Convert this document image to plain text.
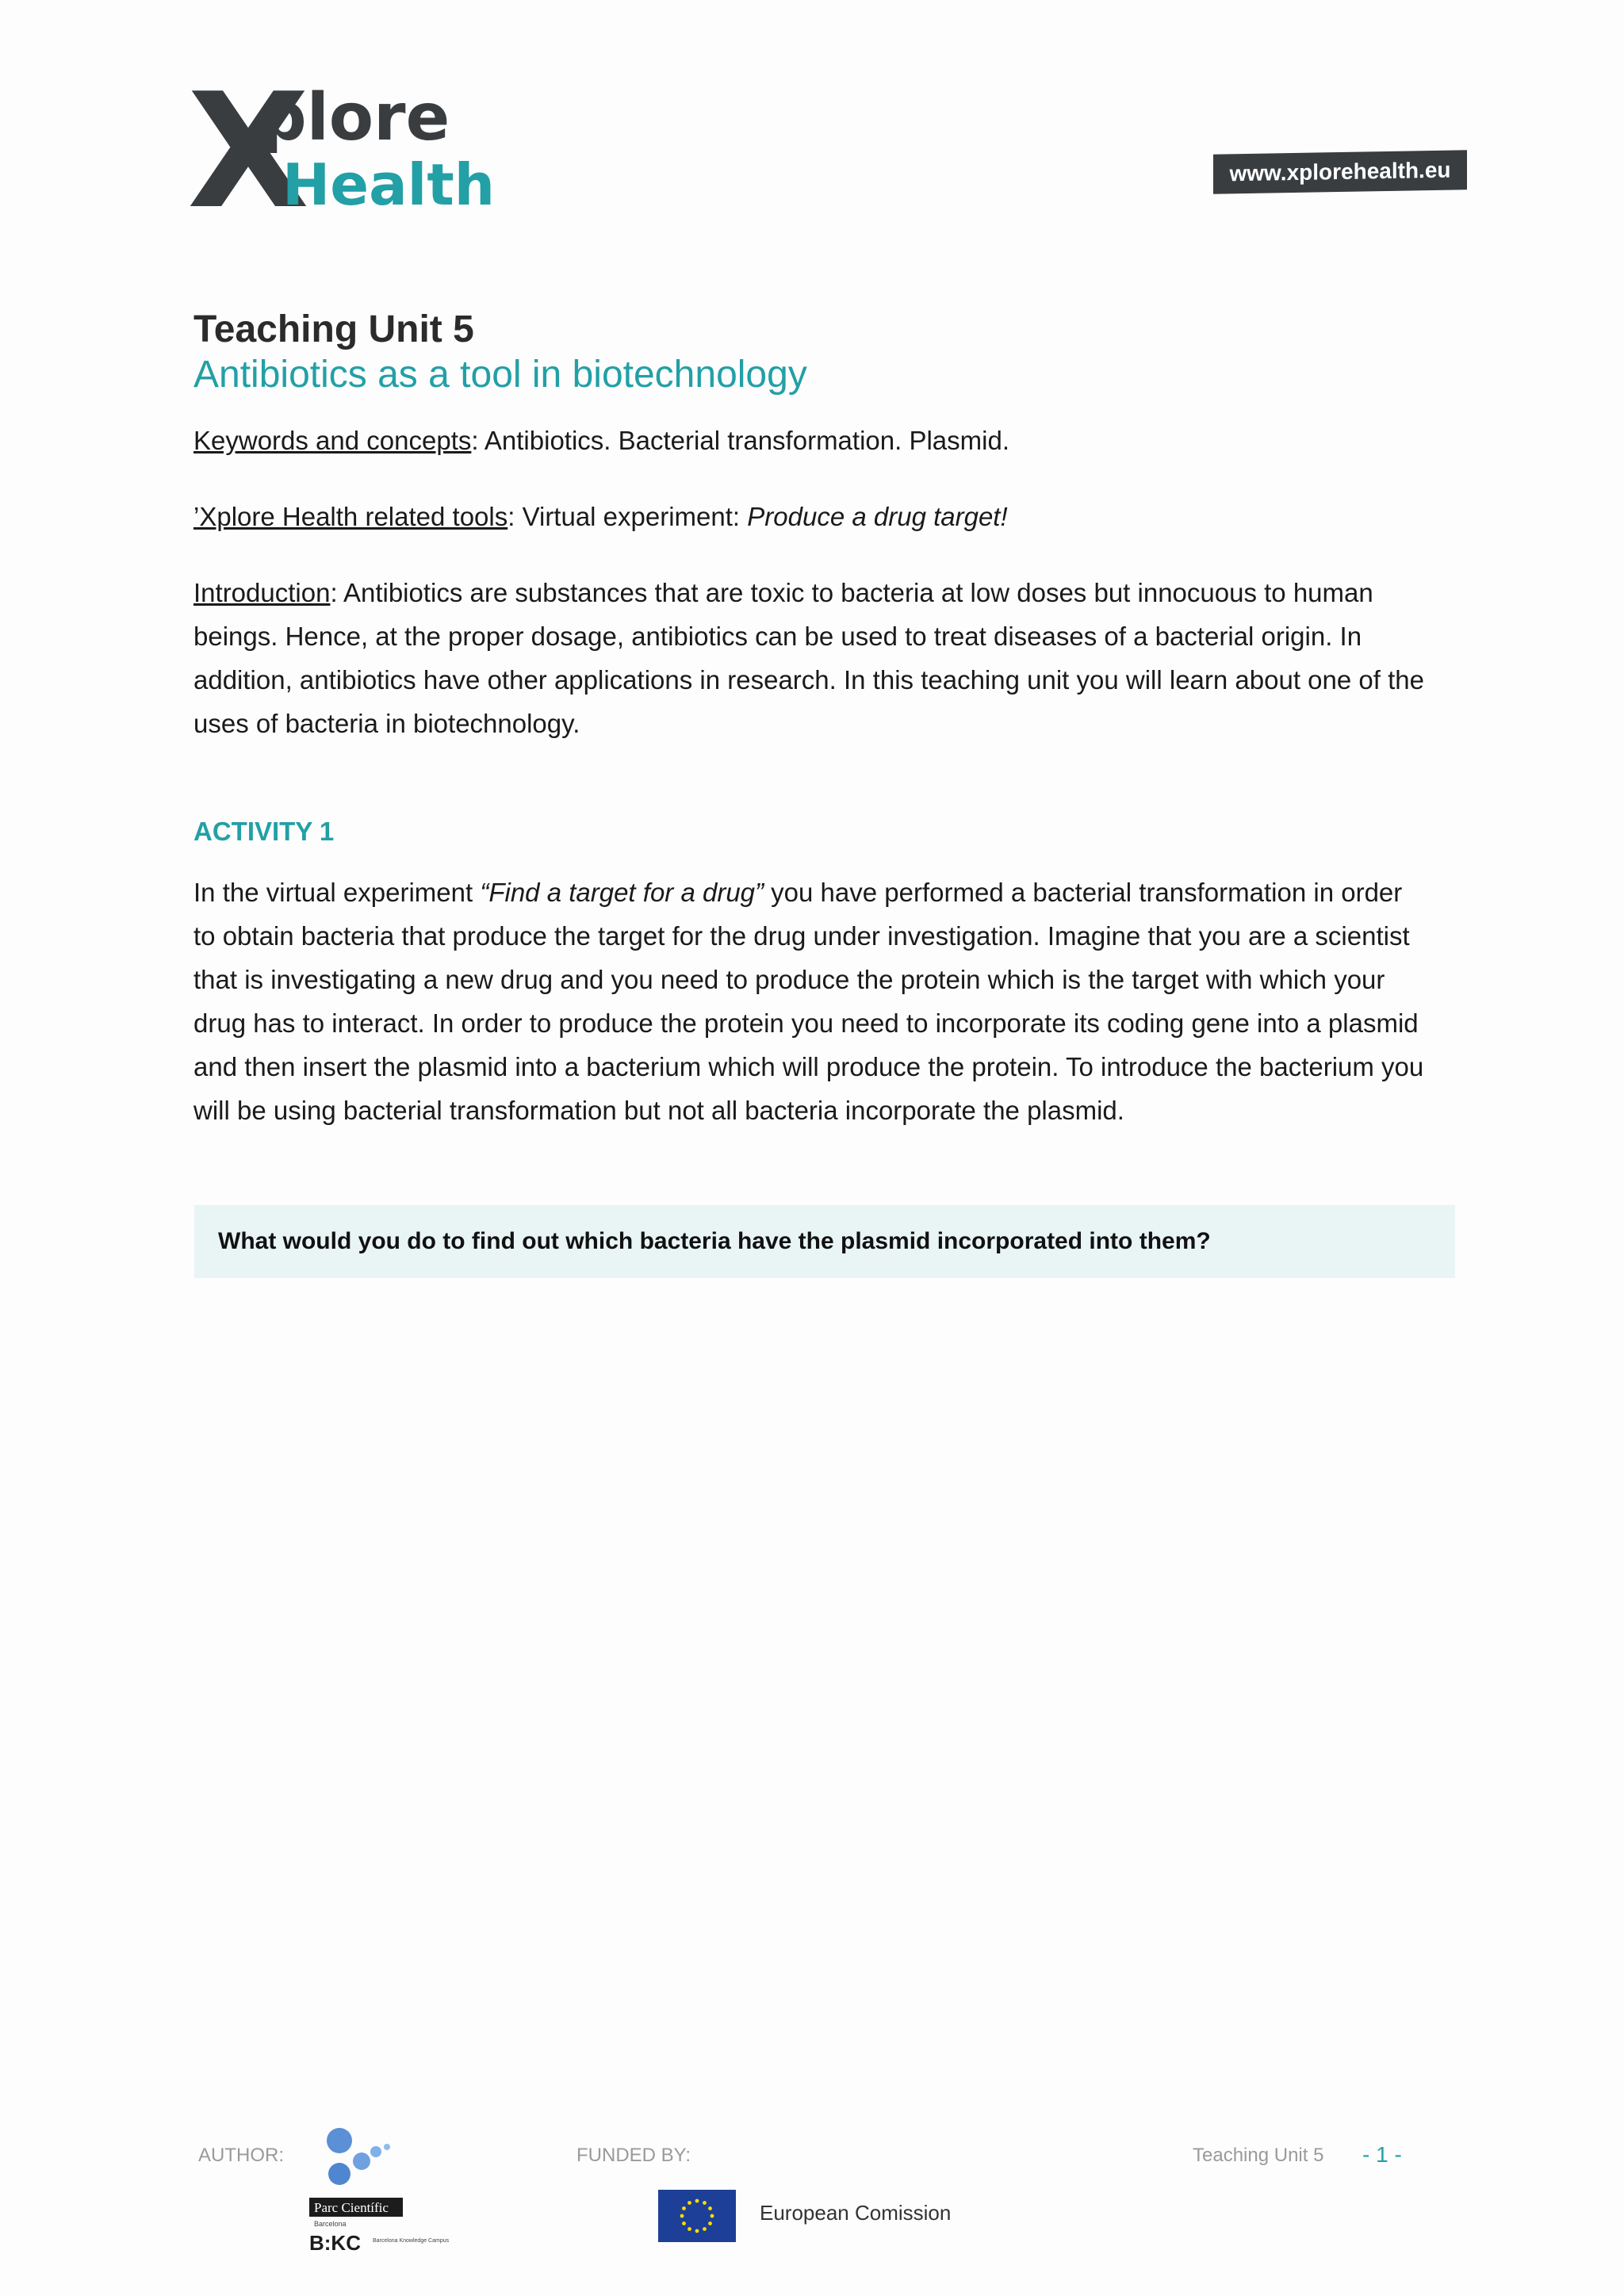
X
plore
Health	www.xplorehealth.eu
Teaching Unit 5
Antibiotics as a tool in biotechnology

Keywords and concepts: Antibiotics. Bacterial transformation. Plasmid.

’Xplore Health related tools: Virtual experiment: Produce a drug target!

Introduction: Antibiotics are substances that are toxic to bacteria at low doses but innocuous to human beings. Hence, at the proper dosage, antibiotics can be used to treat diseases of a bacterial origin. In addition, antibiotics have other applications in research. In this teaching unit you will learn about one of the uses of bacteria in biotechnology.

ACTIVITY 1

In the virtual experiment “Find a target for a drug” you have performed a bacterial transformation in order to obtain bacteria that produce the target for the drug under investigation. Imagine that you are a scientist that is investigating a new drug and you need to produce the protein which is the target with which your drug has to interact. In order to produce the protein you need to incorporate its coding gene into a plasmid and then insert the plasmid into a bacterium which will produce the protein. To introduce the bacterium you will be using bacterial transformation but not all bacteria incorporate the plasmid.

What would you do to find out which bacteria have the plasmid incorporated into them?
AUTHOR:
Parc Científic
Barcelona
B:KC Barcelona Knowledge Campus
FUNDED BY:
European Comission
Teaching Unit 5 - 1 -
